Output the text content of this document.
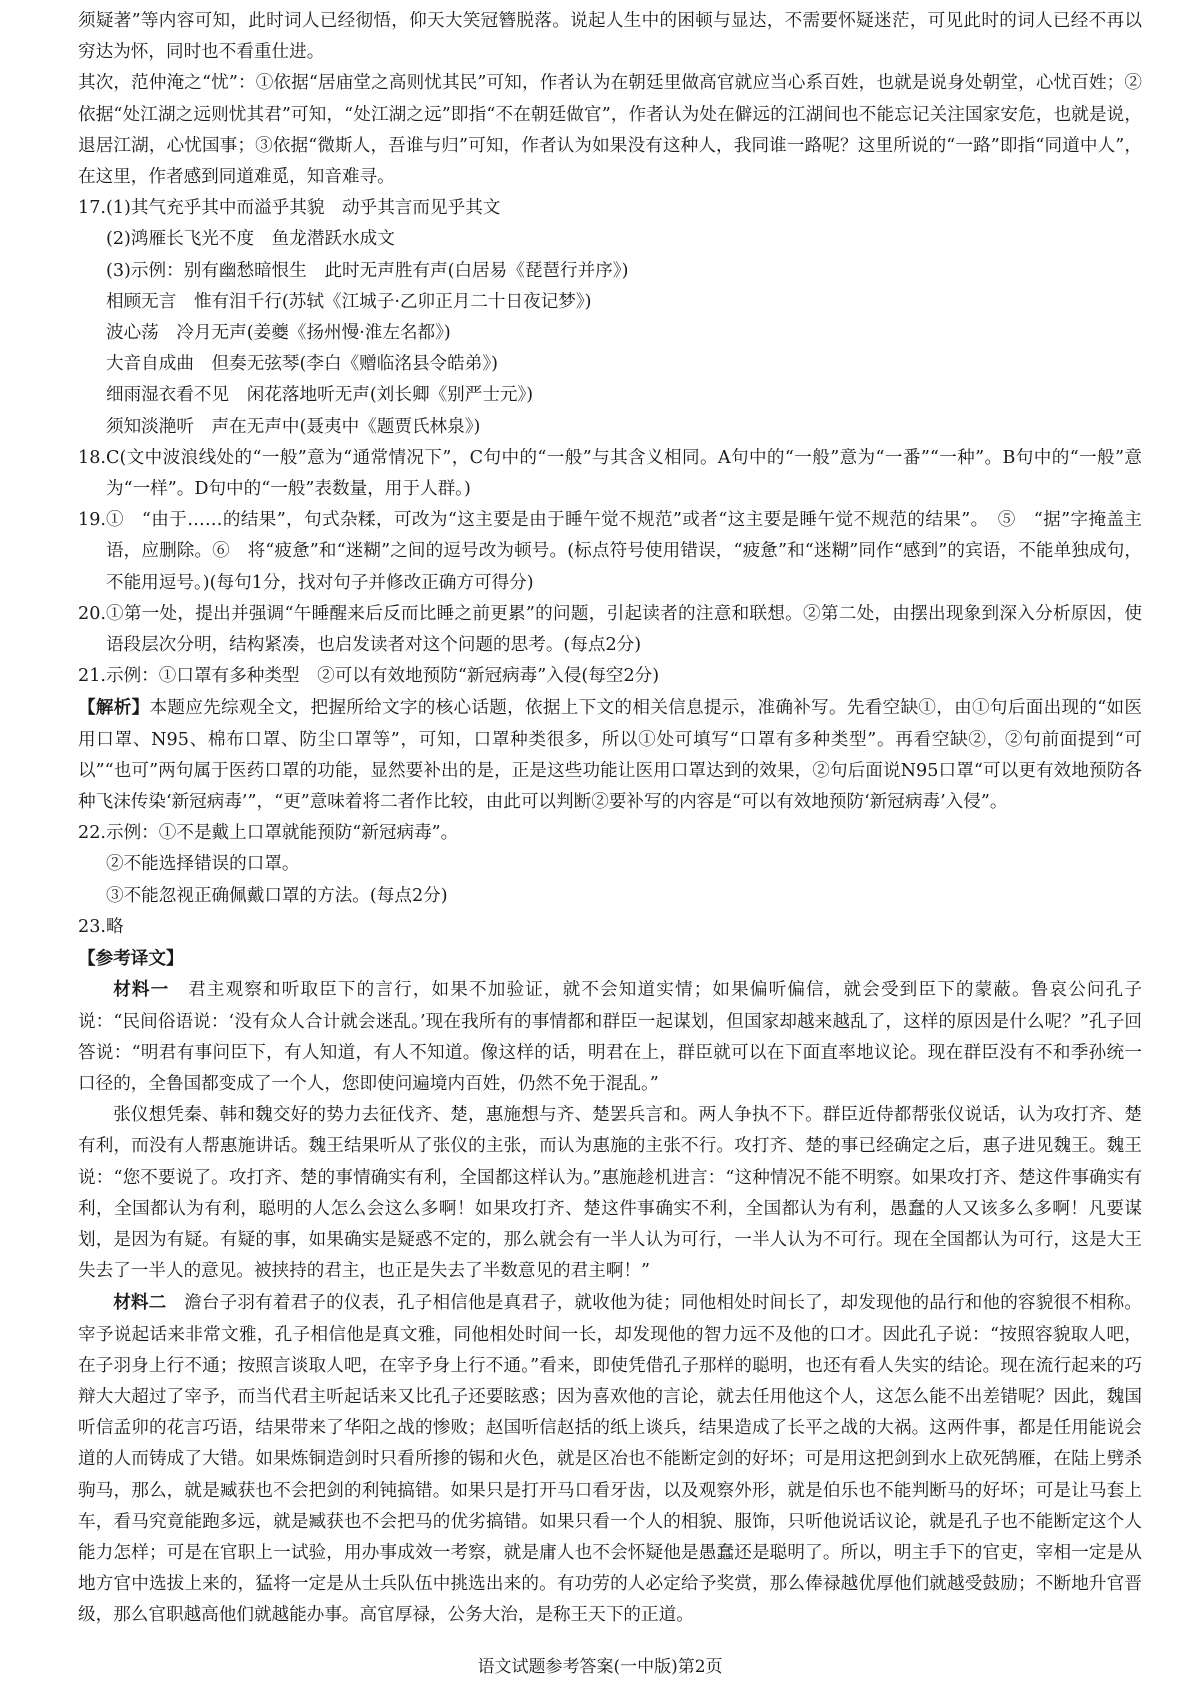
须疑著”等内容可知，此时词人已经彻悟，仰天大笑冠簪脱落。说起人生中的困顿与显达，不需要怀疑迷茫，可见此时的词人已经不再以穷达为怀，同时也不看重仕进。

其次，范仲淹之“忧”：①依据“居庙堂之高则忧其民”可知，作者认为在朝廷里做高官就应当心系百姓，也就是说身处朝堂，心忧百姓；②依据“处江湖之远则忧其君”可知，“处江湖之远”即指“不在朝廷做官”，作者认为处在僻远的江湖间也不能忘记关注国家安危，也就是说，退居江湖，心忧国事；③依据“微斯人，吾谁与归”可知，作者认为如果没有这种人，我同谁一路呢？这里所说的“一路”即指“同道中人”，在这里，作者感到同道难觅，知音难寻。

17. (1)其气充乎其中而溢乎其貌　动乎其言而见乎其文

(2)鸿雁长飞光不度　鱼龙潜跃水成文

(3)示例：别有幽愁暗恨生　此时无声胜有声(白居易《琵琶行并序》)

相顾无言　惟有泪千行(苏轼《江城子·乙卯正月二十日夜记梦》)

波心荡　冷月无声(姜夔《扬州慢·淮左名都》)

大音自成曲　但奏无弦琴(李白《赠临洺县令皓弟》)

细雨湿衣看不见　闲花落地听无声(刘长卿《别严士元》)

须知淡滟听　声在无声中(聂夷中《题贾氏林泉》)

18. C(文中波浪线处的“一般”意为“通常情况下”，C句中的“一般”与其含义相同。A句中的“一般”意为“一番”“一种”。B句中的“一般”意为“一样”。D句中的“一般”表数量，用于人群。)

19. ①　“由于……的结果”，句式杂糅，可改为“这主要是由于睡午觉不规范”或者“这主要是睡午觉不规范的结果”。　⑤　“据”字掩盖主语，应删除。⑥　将“疲惫”和“迷糊”之间的逗号改为顿号。(标点符号使用错误，“疲惫”和“迷糊”同作“感到”的宾语，不能单独成句，不能用逗号。)(每句1分，找对句子并修改正确方可得分)

20. ①第一处，提出并强调“午睡醒来后反而比睡之前更累”的问题，引起读者的注意和联想。②第二处，由摆出现象到深入分析原因，使语段层次分明，结构紧凑，也启发读者对这个问题的思考。(每点2分)

21. 示例：①口罩有多种类型　②可以有效地预防“新冠病毒”入侵(每空2分)

【解析】本题应先综观全文，把握所给文字的核心话题，依据上下文的相关信息提示，准确补写。先看空缺①，由①句后面出现的“如医用口罩、N95、棉布口罩、防尘口罩等”，可知，口罩种类很多，所以①处可填写“口罩有多种类型”。再看空缺②，②句前面提到“可以”“也可”两句属于医药口罩的功能，显然要补出的是，正是这些功能让医用口罩达到的效果，②句后面说N95口罩“可以更有效地预防各种飞沫传染‘新冠病毒’”，“更”意味着将二者作比较，由此可以判断②要补写的内容是“可以有效地预防‘新冠病毒’入侵”。

22. 示例：①不是戴上口罩就能预防“新冠病毒”。

②不能选择错误的口罩。

③不能忽视正确佩戴口罩的方法。(每点2分)

23. 略

【参考译文】

材料一　 君主观察和听取臣下的言行，如果不加验证，就不会知道实情；如果偏听偏信，就会受到臣下的蒙蔽。鲁哀公问孔子说：“民间俗语说：‘没有众人合计就会迷乱。’现在我所有的事情都和群臣一起谋划，但国家却越来越乱了，这样的原因是什么呢？”孔子回答说：“明君有事问臣下，有人知道，有人不知道。像这样的话，明君在上，群臣就可以在下面直率地议论。现在群臣没有不和季孙统一口径的，全鲁国都变成了一个人，您即使问遍境内百姓，仍然不免于混乱。”

张仪想凭秦、韩和魏交好的势力去征伐齐、楚，惠施想与齐、楚罢兵言和。两人争执不下。群臣近侍都帮张仪说话，认为攻打齐、楚有利，而没有人帮惠施讲话。魏王结果听从了张仪的主张，而认为惠施的主张不行。攻打齐、楚的事已经确定之后，惠子进见魏王。魏王说：“您不要说了。攻打齐、楚的事情确实有利，全国都这样认为。”惠施趁机进言：“这种情况不能不明察。如果攻打齐、楚这件事确实有利，全国都认为有利，聪明的人怎么会这么多啊！如果攻打齐、楚这件事确实不利，全国都认为有利，愚蠢的人又该多么多啊！凡要谋划，是因为有疑。有疑的事，如果确实是疑惑不定的，那么就会有一半人认为可行，一半人认为不可行。现在全国都认为可行，这是大王失去了一半人的意见。被挟持的君主，也正是失去了半数意见的君主啊！”

材料二　 澹台子羽有着君子的仪表，孔子相信他是真君子，就收他为徒；同他相处时间长了，却发现他的品行和他的容貌很不相称。宰予说起话来非常文雅，孔子相信他是真文雅，同他相处时间一长，却发现他的智力远不及他的口才。因此孔子说：“按照容貌取人吧，在子羽身上行不通；按照言谈取人吧，在宰予身上行不通。”看来，即使凭借孔子那样的聪明，也还有看人失实的结论。现在流行起来的巧辩大大超过了宰予，而当代君主听起话来又比孔子还要眩惑；因为喜欢他的言论，就去任用他这个人，这怎么能不出差错呢？因此，魏国听信孟卯的花言巧语，结果带来了华阳之战的惨败；赵国听信赵括的纸上谈兵，结果造成了长平之战的大祸。这两件事，都是任用能说会道的人而铸成了大错。如果炼铜造剑时只看所掺的锡和火色，就是区冶也不能断定剑的好坏；可是用这把剑到水上砍死鹄雁，在陆上劈杀驹马，那么，就是臧获也不会把剑的利钝搞错。如果只是打开马口看牙齿，以及观察外形，就是伯乐也不能判断马的好坏；可是让马套上车，看马究竟能跑多远，就是臧获也不会把马的优劣搞错。如果只看一个人的相貌、服饰，只听他说话议论，就是孔子也不能断定这个人能力怎样；可是在官职上一试验，用办事成效一考察，就是庸人也不会怀疑他是愚蠢还是聪明了。所以，明主手下的官吏，宰相一定是从地方官中选拔上来的，猛将一定是从士兵队伍中挑选出来的。有功劳的人必定给予奖赏，那么俸禄越优厚他们就越受鼓励；不断地升官晋级，那么官职越高他们就越能办事。高官厚禄，公务大治，是称王天下的正道。

语文试题参考答案(一中版)第2页
